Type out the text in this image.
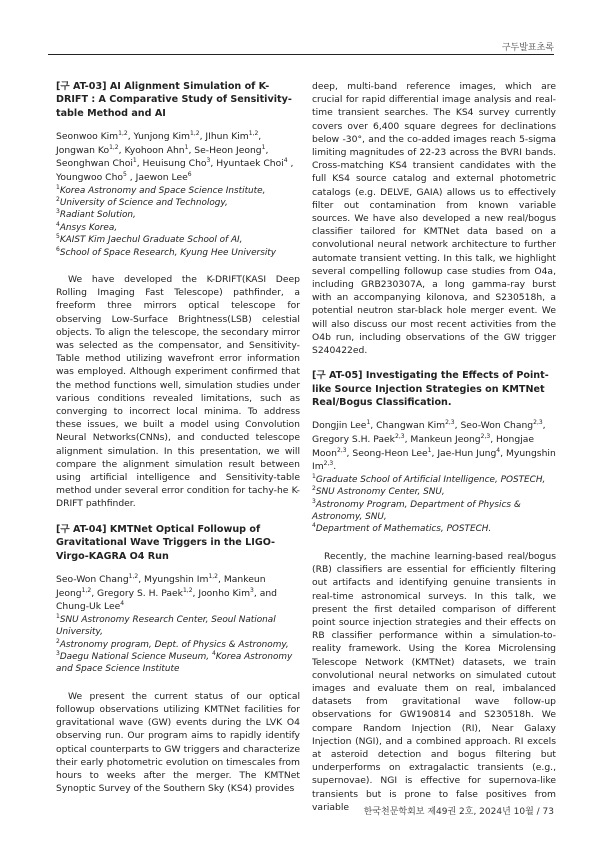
구두발표초록
[구 AT-03] AI Alignment Simulation of K-DRIFT : A Comparative Study of Sensitivity-table Method and AI
Seonwoo Kim$^{1,2}$, Yunjong Kim$^{1,2}$, JIhun Kim$^{1,2}$, Jongwan Ko$^{1,2}$, Kyohoon Ahn$^1$, Se-Heon Jeong$^1$, Seonghwan Choi$^1$, Heuisung Cho$^3$, Hyuntaek Choi$^4$ , Youngwoo Cho$^5$ , Jaewon Lee$^6$
$^1$Korea Astronomy and Space Science Institute,
$^2$University of Science and Technology,
$^3$Radiant Solution,
$^4$Ansys Korea,
$^5$KAIST Kim Jaechul Graduate School of AI,
$^6$School of Space Research, Kyung Hee University

We have developed the K-DRIFT(KASI Deep Rolling Imaging Fast Telescope) pathfinder, a freeform three mirrors optical telescope for observing Low-Surface Brightness(LSB) celestial objects. To align the telescope, the secondary mirror was selected as the compensator, and Sensitivity-Table method utilizing wavefront error information was employed. Although experiment confirmed that the method functions well, simulation studies under various conditions revealed limitations, such as converging to incorrect local minima. To address these issues, we built a model using Convolution Neural Networks(CNNs), and conducted telescope alignment simulation. In this presentation, we will compare the alignment simulation result between using artificial intelligence and Sensitivity-table method under several error condition for tachy-he K-DRIFT pathfinder.

[구 AT-04] KMTNet Optical Followup of Gravitational Wave Triggers in the LIGO-Virgo-KAGRA O4 Run
Seo-Won Chang$^{1,2}$, Myungshin Im$^{1,2}$, Mankeun Jeong$^{1,2}$, Gregory S. H. Paek$^{1,2}$, Joonho Kim$^3$, and Chung-Uk Lee$^4$
$^1$SNU Astronomy Research Center, Seoul National University,
$^2$Astronomy program, Dept. of Physics & Astronomy,
$^3$Daegu National Science Museum, $^4$Korea Astronomy and Space Science Institute

We present the current status of our optical followup observations utilizing KMTNet facilities for gravitational wave (GW) events during the LVK O4 observing run. Our program aims to rapidly identify optical counterparts to GW triggers and characterize their early photometric evolution on timescales from hours to weeks after the merger. The KMTNet Synoptic Survey of the Southern Sky (KS4) provides

deep, multi-band reference images, which are crucial for rapid differential image analysis and real-time transient searches. The KS4 survey currently covers over 6,400 square degrees for declinations below -30°, and the co-added images reach 5-sigma limiting magnitudes of 22-23 across the BVRI bands. Cross-matching KS4 transient candidates with the full KS4 source catalog and external photometric catalogs (e.g. DELVE, GAIA) allows us to effectively filter out contamination from known variable sources. We have also developed a new real/bogus classifier tailored for KMTNet data based on a convolutional neural network architecture to further automate transient vetting. In this talk, we highlight several compelling followup case studies from O4a, including GRB230307A, a long gamma-ray burst with an accompanying kilonova, and S230518h, a potential neutron star-black hole merger event. We will also discuss our most recent activities from the O4b run, including observations of the GW trigger S240422ed.

[구 AT-05] Investigating the Effects of Point-like Source Injection Strategies on KMTNet Real/Bogus Classification.
Dongjin Lee$^1$, Changwan Kim$^{2,3}$, Seo-Won Chang$^{2,3}$, Gregory S.H. Paek$^{2,3}$, Mankeun Jeong$^{2,3}$, Hongjae Moon$^{2,3}$, Seong-Heon Lee$^1$, Jae-Hun Jung$^4$, Myungshin Im$^{2,3}$.
$^1$Graduate School of Artificial Intelligence, POSTECH,
$^2$SNU Astronomy Center, SNU,
$^3$Astronomy Program, Department of Physics & Astronomy, SNU,
$^4$Department of Mathematics, POSTECH.

Recently, the machine learning-based real/bogus (RB) classifiers are essential for efficiently filtering out artifacts and identifying genuine transients in real-time astronomical surveys. In this talk, we present the first detailed comparison of different point source injection strategies and their effects on RB classifier performance within a simulation-to-reality framework. Using the Korea Microlensing Telescope Network (KMTNet) datasets, we train convolutional neural networks on simulated cutout images and evaluate them on real, imbalanced datasets from gravitational wave follow-up observations for GW190814 and S230518h. We compare Random Injection (RI), Near Galaxy Injection (NGI), and a combined approach. RI excels at asteroid detection and bogus filtering but underperforms on extragalactic transients (e.g., supernovae). NGI is effective for supernova-like transients but is prone to false positives from variable	한국천문학회보 제49권 2호, 2024년 10월 / 73
